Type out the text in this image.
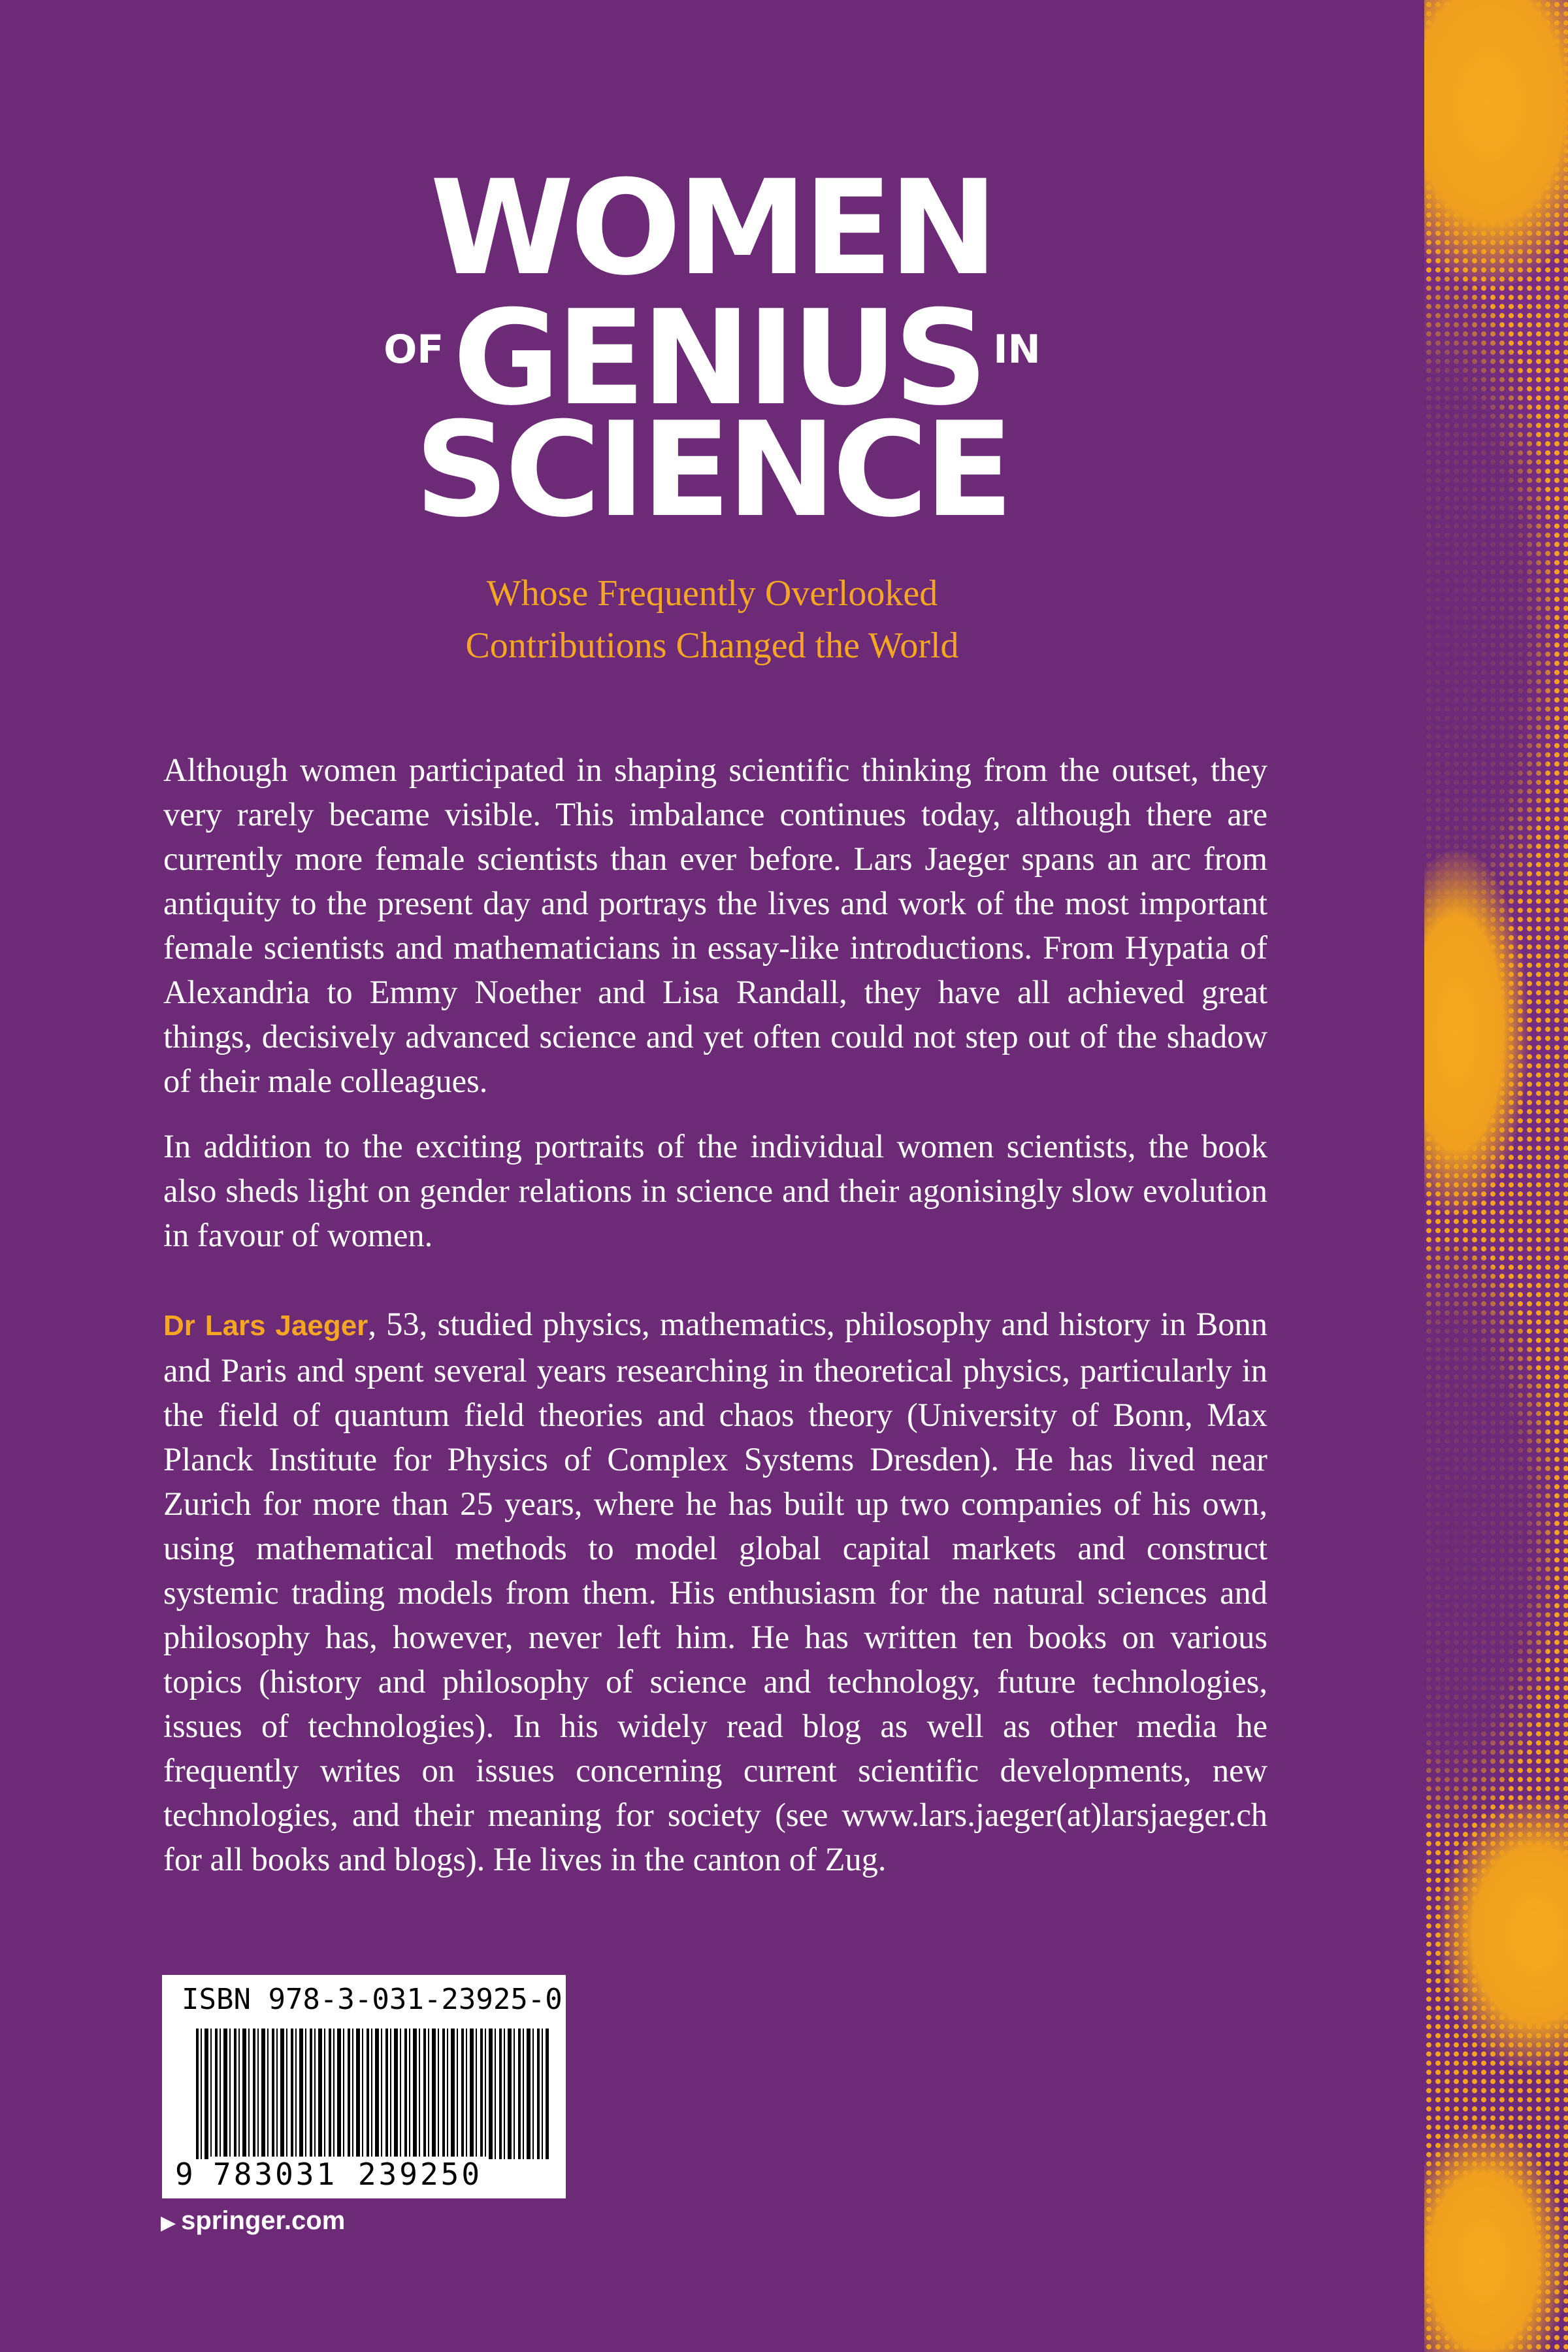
WOMEN
$^{OF}$GENIUS $^{IN}$
SCIENCE
Whose Frequently Overlooked
Contributions Changed the World
Although women participated in shaping scientific thinking from the outset, they very rarely became visible. This imbalance continues today, although there are currently more female scientists than ever before. Lars Jaeger spans an arc from antiquity to the present day and portrays the lives and work of the most important female scientists and mathematicians in essay-like introductions. From Hypatia of Alexandria to Emmy Noether and Lisa Randall, they have all achieved great things, decisively advanced science and yet often could not step out of the shadow of their male colleagues.
In addition to the exciting portraits of the individual women scientists, the book also sheds light on gender relations in science and their agonisingly slow evolution in favour of women.
Dr Lars Jaeger, 53, studied physics, mathematics, philosophy and history in Bonn and Paris and spent several years researching in theoretical physics, particularly in the field of quantum field theories and chaos theory (University of Bonn, Max Planck Institute for Physics of Complex Systems Dresden). He has lived near Zurich for more than 25 years, where he has built up two companies of his own, using mathematical methods to model global capital markets and construct systemic trading models from them. His enthusiasm for the natural sciences and philosophy has, however, never left him. He has written ten books on various topics (history and philosophy of science and technology, future technologies, issues of technologies). In his widely read blog as well as other media he frequently writes on issues concerning current scientific developments, new technologies, and their meaning for society (see www.lars.jaeger(at)larsjaeger.ch for all books and blogs). He lives in the canton of Zug.
ISBN 978-3-031-23925-0
9 783031 239250
▶ springer.com
